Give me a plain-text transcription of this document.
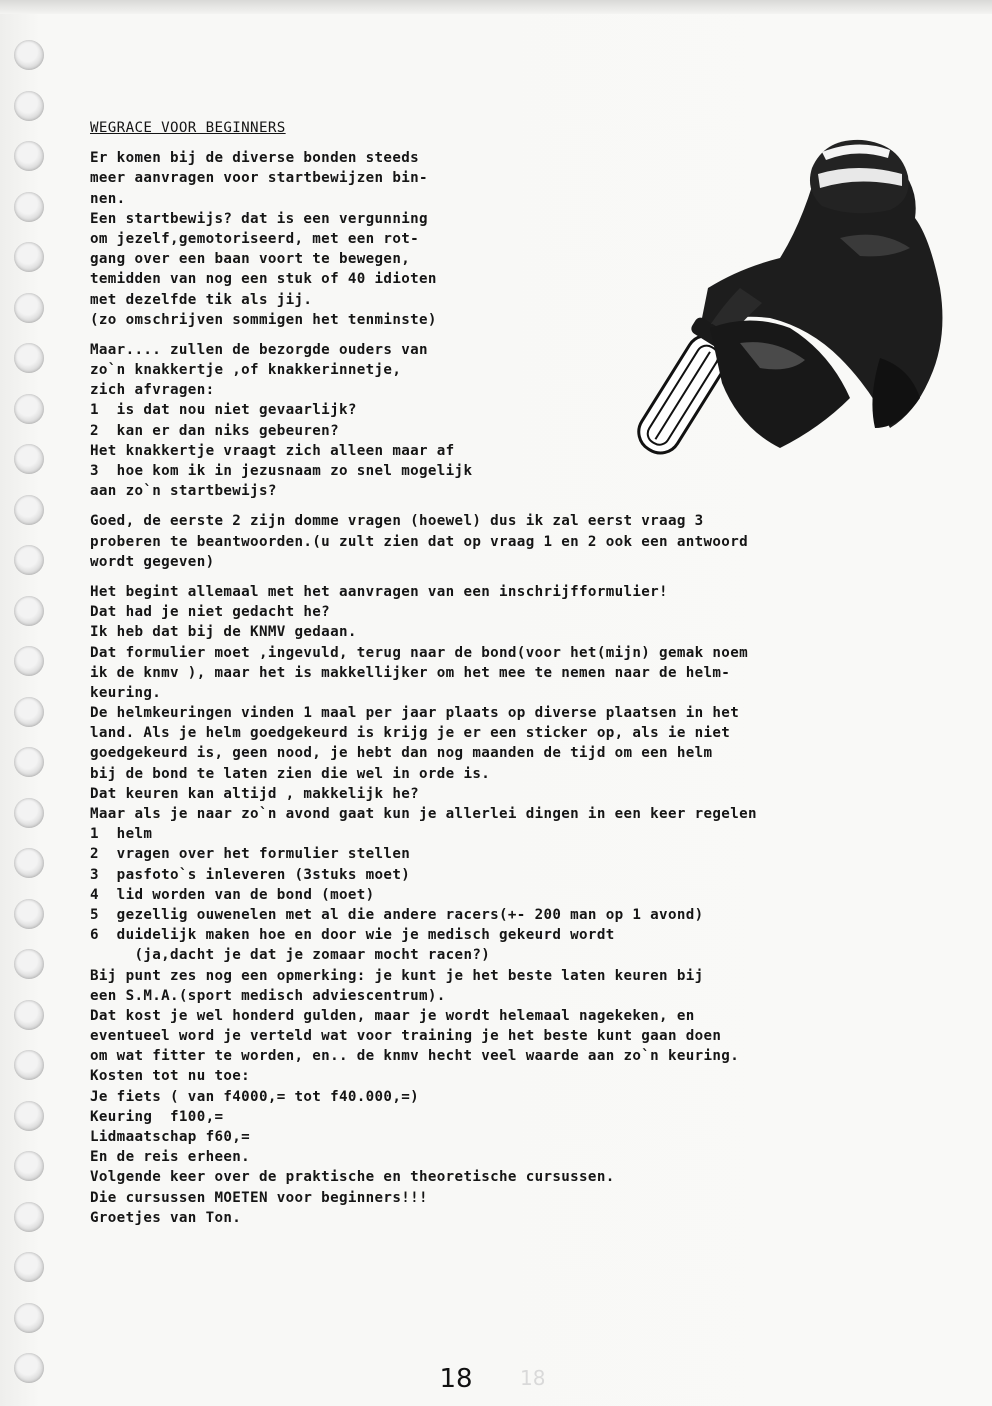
WEGRACE VOOR BEGINNERS
Er komen bij de diverse bonden steeds
meer aanvragen voor startbewijzen bin-
nen.
Een startbewijs? dat is een vergunning
om jezelf,gemotoriseerd, met een rot-
gang over een baan voort te bewegen,
temidden van nog een stuk of 40 idioten
met dezelfde tik als jij.
(zo omschrijven sommigen het tenminste)
Maar.... zullen de bezorgde ouders van
zo`n knakkertje ,of knakkerinnetje,
zich afvragen:
1  is dat nou niet gevaarlijk?
2  kan er dan niks gebeuren?
Het knakkertje vraagt zich alleen maar af
3  hoe kom ik in jezusnaam zo snel mogelijk
aan zo`n startbewijs?
Goed, de eerste 2 zijn domme vragen (hoewel) dus ik zal eerst vraag 3
proberen te beantwoorden.(u zult zien dat op vraag 1 en 2 ook een antwoord
wordt gegeven)
Het begint allemaal met het aanvragen van een inschrijfformulier!
Dat had je niet gedacht he?
Ik heb dat bij de KNMV gedaan.
Dat formulier moet ,ingevuld, terug naar de bond(voor het(mijn) gemak noem
ik de knmv ), maar het is makkellijker om het mee te nemen naar de helm-
keuring.
De helmkeuringen vinden 1 maal per jaar plaats op diverse plaatsen in het
land. Als je helm goedgekeurd is krijg je er een sticker op, als ie niet
goedgekeurd is, geen nood, je hebt dan nog maanden de tijd om een helm
bij de bond te laten zien die wel in orde is.
Dat keuren kan altijd , makkelijk he?
Maar als je naar zo`n avond gaat kun je allerlei dingen in een keer regelen
1  helm
2  vragen over het formulier stellen
3  pasfoto`s inleveren (3stuks moet)
4  lid worden van de bond (moet)
5  gezellig ouwenelen met al die andere racers(+- 200 man op 1 avond)
6  duidelijk maken hoe en door wie je medisch gekeurd wordt
(ja,dacht je dat je zomaar mocht racen?)
Bij punt zes nog een opmerking: je kunt je het beste laten keuren bij
een S.M.A.(sport medisch adviescentrum).
Dat kost je wel honderd gulden, maar je wordt helemaal nagekeken, en
eventueel word je verteld wat voor training je het beste kunt gaan doen
om wat fitter te worden, en.. de knmv hecht veel waarde aan zo`n keuring.
Kosten tot nu toe:
Je fiets ( van f4000,= tot f40.000,=)
Keuring  f100,=
Lidmaatschap f60,=
En de reis erheen.
Volgende keer over de praktische en theoretische cursussen.
Die cursussen MOETEN voor beginners!!!
Groetjes van Ton.
18	18
